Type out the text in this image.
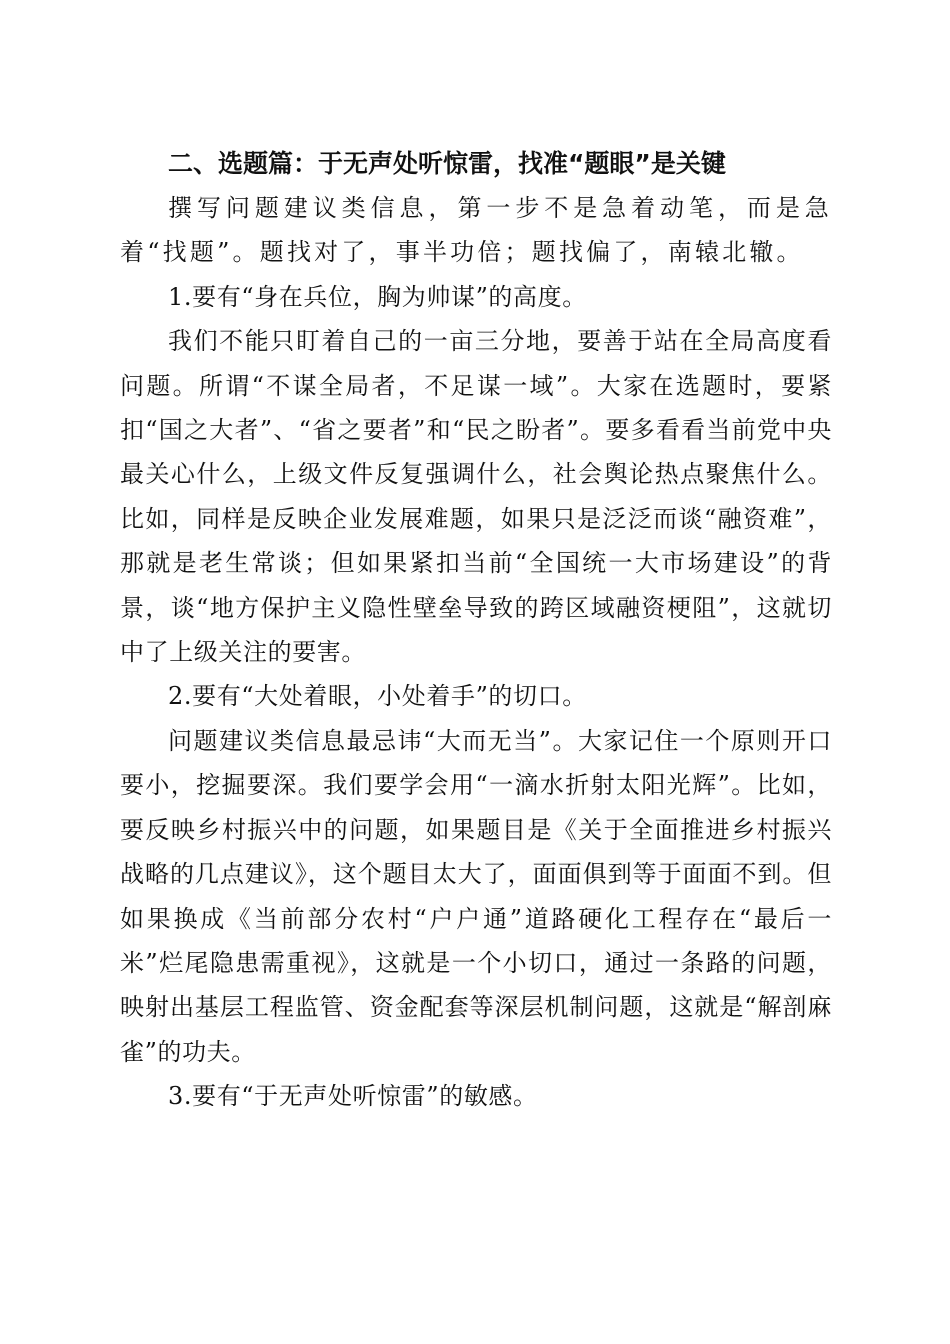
二、选题篇：于无声处听惊雷，找准“题眼”是关键

撰写问题建议类信息，第一步不是急着动笔，而是急着“找题”。题找对了，事半功倍；题找偏了，南辕北辙。

1.要有“身在兵位，胸为帅谋”的高度。

我们不能只盯着自己的一亩三分地，要善于站在全局高度看问题。所谓“不谋全局者，不足谋一域”。大家在选题时，要紧扣“国之大者”、“省之要者”和“民之盼者”。要多看看当前党中央最关心什么，上级文件反复强调什么，社会舆论热点聚焦什么。比如，同样是反映企业发展难题，如果只是泛泛而谈“融资难”，那就是老生常谈；但如果紧扣当前“全国统一大市场建设”的背景，谈“地方保护主义隐性壁垒导致的跨区域融资梗阻”，这就切中了上级关注的要害。

2.要有“大处着眼，小处着手”的切口。

问题建议类信息最忌讳“大而无当”。大家记住一个原则开口要小，挖掘要深。我们要学会用“一滴水折射太阳光辉”。比如，要反映乡村振兴中的问题，如果题目是《关于全面推进乡村振兴战略的几点建议》，这个题目太大了，面面俱到等于面面不到。但如果换成《当前部分农村“户户通”道路硬化工程存在“最后一米”烂尾隐患需重视》，这就是一个小切口，通过一条路的问题，映射出基层工程监管、资金配套等深层机制问题，这就是“解剖麻雀”的功夫。

3.要有“于无声处听惊雷”的敏感。
